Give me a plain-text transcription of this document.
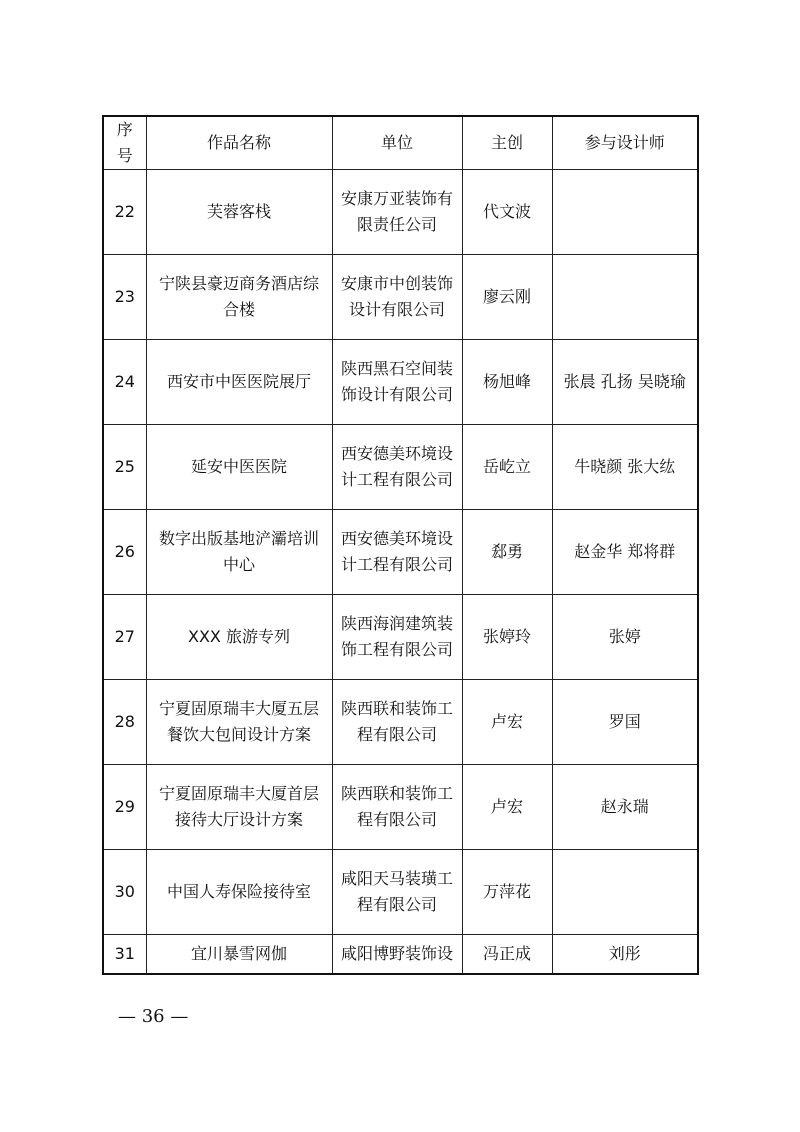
序
号	作品名称	单位	主创	参与设计师
22	芙蓉客栈	安康万亚装饰有
限责任公司	代文波	
23	宁陕县豪迈商务酒店综
合楼	安康市中创装饰
设计有限公司	廖云刚	
24	西安市中医医院展厅	陕西黑石空间装
饰设计有限公司	杨旭峰	张晨 孔扬 吴晓瑜
25	延安中医医院	西安德美环境设
计工程有限公司	岳屹立	牛晓颜 张大纮
26	数字出版基地浐灞培训
中心	西安德美环境设
计工程有限公司	郄勇	赵金华 郑将群
27	XXX 旅游专列	陕西海润建筑装
饰工程有限公司	张婷玲	张婷
28	宁夏固原瑞丰大厦五层
餐饮大包间设计方案	陕西联和装饰工
程有限公司	卢宏	罗国
29	宁夏固原瑞丰大厦首层
接待大厅设计方案	陕西联和装饰工
程有限公司	卢宏	赵永瑞
30	中国人寿保险接待室	咸阳天马装璜工
程有限公司	万萍花	
31	宜川暴雪网伽	咸阳博野装饰设	冯正成	刘彤
— 36 —
